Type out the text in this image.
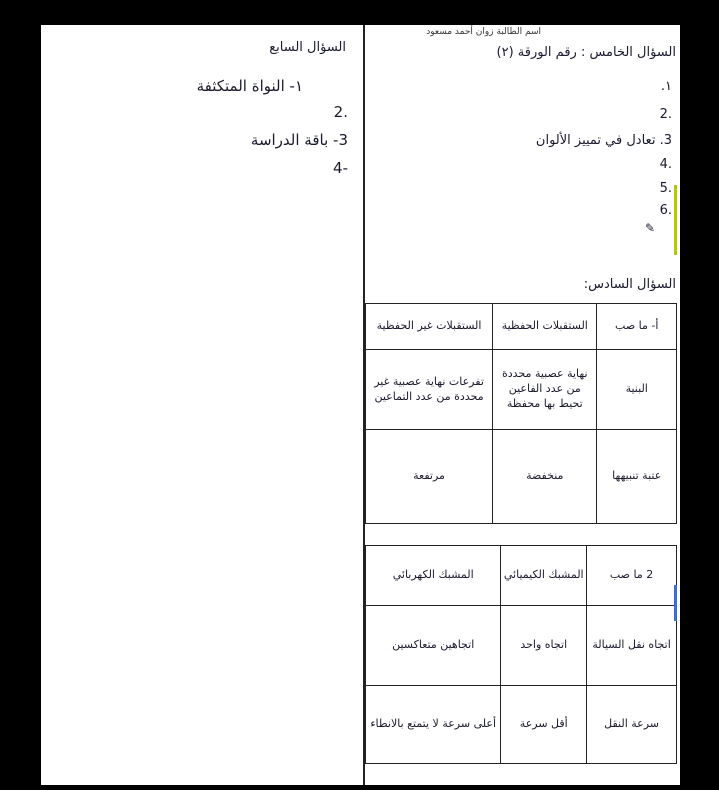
اسم الطالبة زوان أحمد مسعود
السؤال السابع
١- النواة المتكثفة
.2
3- باقة الدراسة
-4
السؤال الخامس : رقم الورقة (٢)
١.
.2
3. تعادل في تمييز الألوان
.4
.5
.6
✎
السؤال السادس:
أ- ما صب	الستقبلات الحفظية	الستقبلات غير الحفظية
البنية	نهاية عصبية محددة من عدد الفاعين تحيط بها محفظة	تفرعات نهاية عصبية غير محددة من عدد التماعين
عتبة تنبيهها	منخفضة	مرتفعة
2 ما صب	المشبك الكيميائي	المشبك الكهربائي
اتجاه نقل السيالة	اتجاه واحد	اتجاهين متعاكسين
سرعة النقل	أقل سرعة	أعلى سرعة لا يتمتع بالانطاء
